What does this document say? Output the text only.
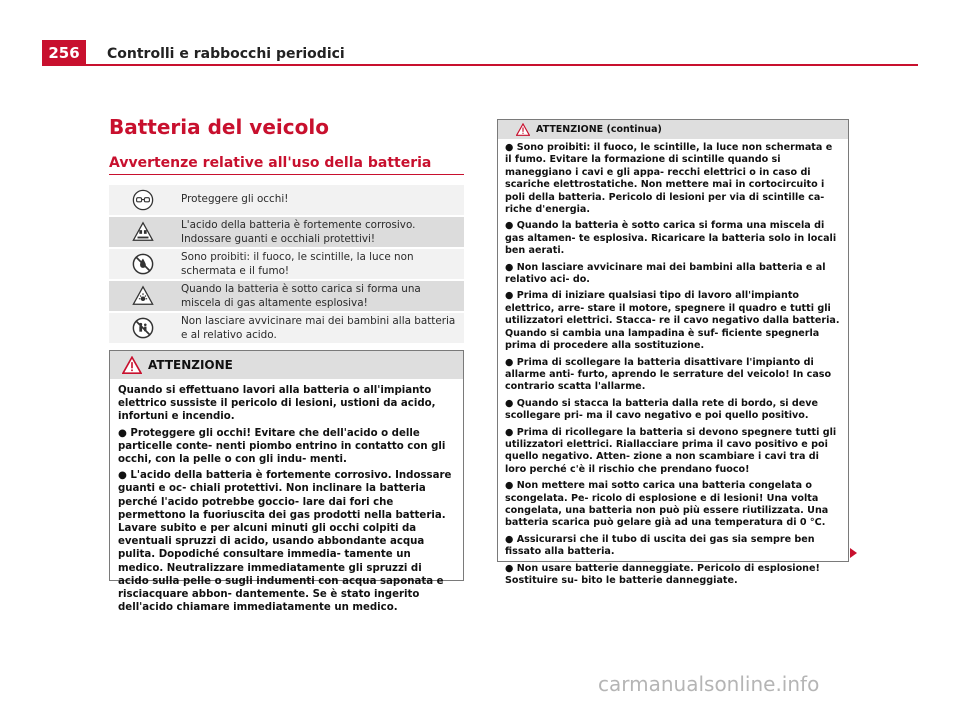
256	Controlli e rabbocchi periodici
Batteria del veicolo
Avvertenze relative all'uso della batteria
Proteggere gli occhi!
L'acido della batteria è fortemente corrosivo. Indossare guanti e occhiali protettivi!
Sono proibiti: il fuoco, le scintille, la luce non schermata e il fumo!
Quando la batteria è sotto carica si forma una miscela di gas altamente esplosiva!
Non lasciare avvicinare mai dei bambini alla batteria e al relativo acido.
ATTENZIONE

Quando si effettuano lavori alla batteria o all'impianto elettrico sussiste il pericolo di lesioni, ustioni da acido, infortuni e incendio.

● Proteggere gli occhi! Evitare che dell'acido o delle particelle conte- nenti piombo entrino in contatto con gli occhi, con la pelle o con gli indu- menti.

● L'acido della batteria è fortemente corrosivo. Indossare guanti e oc- chiali protettivi. Non inclinare la batteria perché l'acido potrebbe goccio- lare dai fori che permettono la fuoriuscita dei gas prodotti nella batteria. Lavare subito e per alcuni minuti gli occhi colpiti da eventuali spruzzi di acido, usando abbondante acqua pulita. Dopodiché consultare immedia- tamente un medico. Neutralizzare immediatamente gli spruzzi di acido sulla pelle o sugli indumenti con acqua saponata e risciacquare abbon- dantemente. Se è stato ingerito dell'acido chiamare immediatamente un medico.

ATTENZIONE (continua)

● Sono proibiti: il fuoco, le scintille, la luce non schermata e il fumo. Evitare la formazione di scintille quando si maneggiano i cavi e gli appa- recchi elettrici o in caso di scariche elettrostatiche. Non mettere mai in cortocircuito i poli della batteria. Pericolo di lesioni per via di scintille ca- riche d'energia.

● Quando la batteria è sotto carica si forma una miscela di gas altamen- te esplosiva. Ricaricare la batteria solo in locali ben aerati.

● Non lasciare avvicinare mai dei bambini alla batteria e al relativo aci- do.

● Prima di iniziare qualsiasi tipo di lavoro all'impianto elettrico, arre- stare il motore, spegnere il quadro e tutti gli utilizzatori elettrici. Stacca- re il cavo negativo dalla batteria. Quando si cambia una lampadina è suf- ficiente spegnerla prima di procedere alla sostituzione.

● Prima di scollegare la batteria disattivare l'impianto di allarme anti- furto, aprendo le serrature del veicolo! In caso contrario scatta l'allarme.

● Quando si stacca la batteria dalla rete di bordo, si deve scollegare pri- ma il cavo negativo e poi quello positivo.

● Prima di ricollegare la batteria si devono spegnere tutti gli utilizzatori elettrici. Riallacciare prima il cavo positivo e poi quello negativo. Atten- zione a non scambiare i cavi tra di loro perché c'è il rischio che prendano fuoco!

● Non mettere mai sotto carica una batteria congelata o scongelata. Pe- ricolo di esplosione e di lesioni! Una volta congelata, una batteria non può più essere riutilizzata. Una batteria scarica può gelare già ad una temperatura di 0 °C.

● Assicurarsi che il tubo di uscita dei gas sia sempre ben fissato alla batteria.

● Non usare batterie danneggiate. Pericolo di esplosione! Sostituire su- bito le batterie danneggiate.

carmanualsonline.info
